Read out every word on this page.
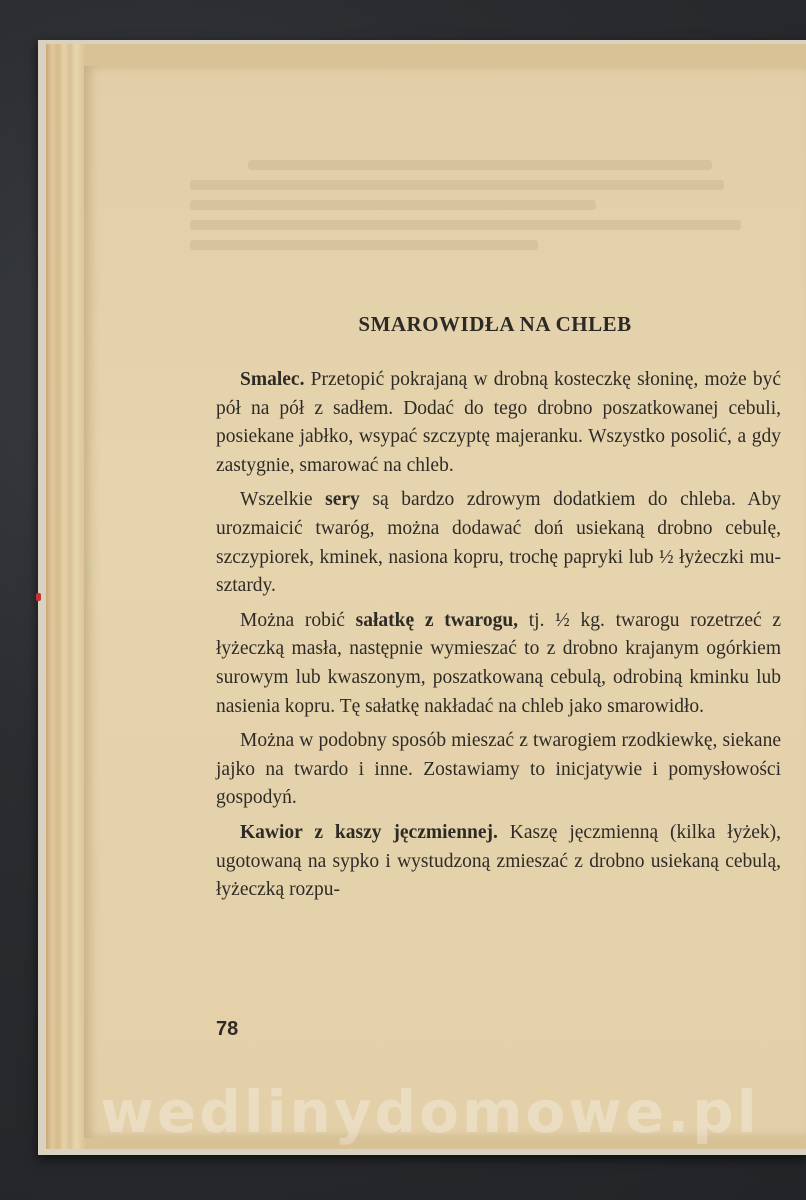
SMAROWIDŁA NA CHLEB

Smalec. Przetopić pokrajaną w drobną kosteczkę słoninę, może być pół na pół z sadłem. Dodać do tego drobno poszatkowanej cebuli, posiekane jabłko, wsypać szczyptę majeranku. Wszystko posolić, a gdy zastygnie, smarować na chleb.

Wszelkie sery są bardzo zdrowym dodatkiem do chleba. Aby urozmaicić twaróg, można dodawać doń usiekaną drobno cebulę, szczypiorek, kminek, nasiona kopru, trochę papryki lub ½ łyżeczki musztardy.

Można robić sałatkę z twarogu, tj. ½ kg. twarogu rozetrzeć z łyżeczką masła, następnie wymieszać to z drobno krajanym ogórkiem surowym lub kwaszonym, poszatkowaną cebulą, odrobiną kminku lub nasienia kopru. Tę sałatkę nakładać na chleb jako smarowidło.

Można w podobny sposób mieszać z twarogiem rzodkiewkę, siekane jajko na twardo i inne. Zostawiamy to inicjatywie i pomysłowości gospodyń.

Kawior z kaszy jęczmiennej. Kaszę jęczmienną (kilka łyżek), ugotowaną na sypko i wystudzoną zmieszać z drobno usiekaną cebulą, łyżeczką rozpu-

78
wedlinydomowe.pl
